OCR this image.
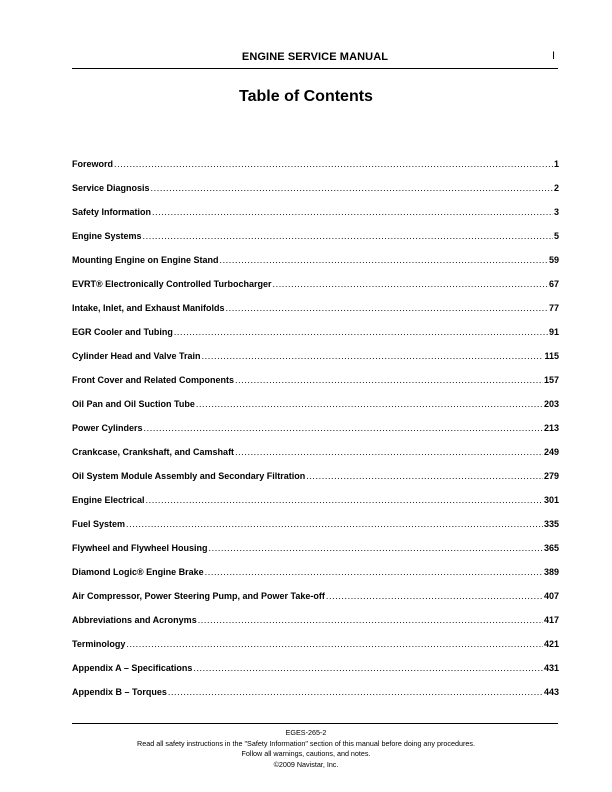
ENGINE SERVICE MANUAL	I
Table of Contents
Foreword .....	1
Service Diagnosis .....	2
Safety Information .....	3
Engine Systems .....	5
Mounting Engine on Engine Stand .....	59
EVRT® Electronically Controlled Turbocharger .....	67
Intake, Inlet, and Exhaust Manifolds .....	77
EGR Cooler and Tubing .....	91
Cylinder Head and Valve Train .....	115
Front Cover and Related Components .....	157
Oil Pan and Oil Suction Tube .....	203
Power Cylinders .....	213
Crankcase, Crankshaft, and Camshaft .....	249
Oil System Module Assembly and Secondary Filtration .....	279
Engine Electrical .....	301
Fuel System .....	335
Flywheel and Flywheel Housing .....	365
Diamond Logic® Engine Brake .....	389
Air Compressor, Power Steering Pump, and Power Take-off .....	407
Abbreviations and Acronyms .....	417
Terminology .....	421
Appendix A – Specifications .....	431
Appendix B – Torques .....	443
EGES-265-2
Read all safety instructions in the "Safety Information" section of this manual before doing any procedures.
Follow all warnings, cautions, and notes.
©2009 Navistar, Inc.
